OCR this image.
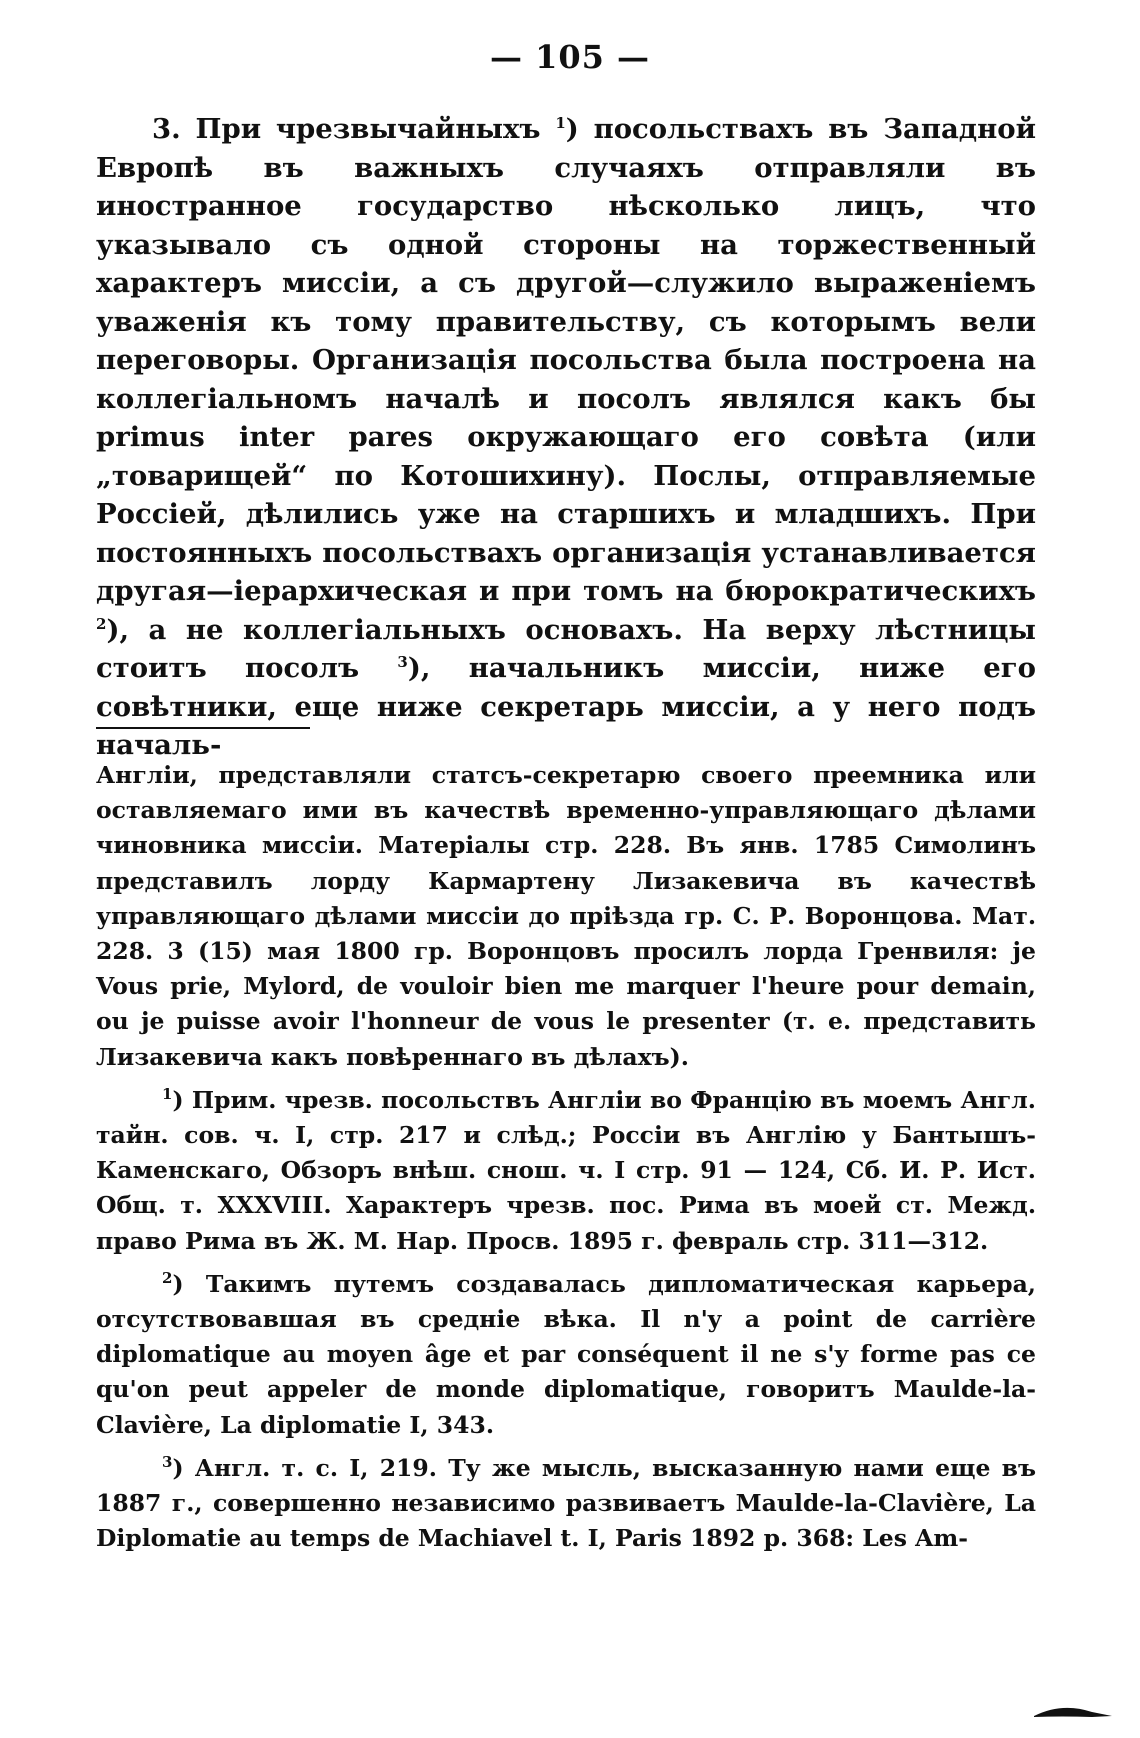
— 105 —

3. При чрезвычайныхъ $^1$) посольствахъ въ Западной Европѣ въ важныхъ случаяхъ отправляли въ иностранное государство нѣсколько лицъ, что указывало съ одной стороны на торжественный характеръ миссіи, а съ другой—служило выраженіемъ уваженія къ тому правительству, съ которымъ вели переговоры. Организація посольства была построена на коллегіальномъ началѣ и посолъ являлся какъ бы primus inter pares окружающаго его совѣта (или „товарищей“ по Котошихину). Послы, отправляемые Россіей, дѣлились уже на старшихъ и младшихъ. При постоянныхъ посольствахъ организація устанавливается другая—іерархическая и при томъ на бюрократическихъ $^2$), а не коллегіальныхъ основахъ. На верху лѣстницы стоитъ посолъ $^3$), начальникъ миссіи, ниже его совѣтники, еще ниже секретарь миссіи, а у него подъ началь-

Англіи, представляли статсъ-секретарю своего преемника или оставляемаго ими въ качествѣ временно-управляющаго дѣлами чиновника миссіи. Матеріалы стр. 228. Въ янв. 1785 Симолинъ представилъ лорду Кармартену Лизакевича въ качествѣ управляющаго дѣлами миссіи до пріѣзда гр. С. Р. Воронцова. Мат. 228. 3 (15) мая 1800 гр. Воронцовъ просилъ лорда Гренвиля: je Vous prie, Mylord, de vouloir bien me marquer l'heure pour demain, ou je puisse avoir l'honneur de vous le presenter (т. е. представить Лизакевича какъ повѣреннаго въ дѣлахъ).

$^1$) Прим. чрезв. посольствъ Англіи во Францію въ моемъ Англ. тайн. сов. ч. I, стр. 217 и слѣд.; Россіи въ Англію у Бантышъ-Каменскаго, Обзоръ внѣш. снош. ч. I стр. 91 — 124, Сб. И. Р. Ист. Общ. т. XXXVIII. Характеръ чрезв. пос. Рима въ моей ст. Межд. право Рима въ Ж. М. Нар. Просв. 1895 г. февраль стр. 311—312.

$^2$) Такимъ путемъ создавалась дипломатическая карьера, отсутствовавшая въ средніе вѣка. Il n'y a point de carrière diplomatique au moyen âge et par conséquent il ne s'y forme pas ce qu'on peut appeler de monde diplomatique, говоритъ Maulde-la-Clavière, La diplomatie I, 343.

$^3$) Англ. т. с. I, 219. Ту же мысль, высказанную нами еще въ 1887 г., совершенно независимо развиваетъ Maulde-la-Clavière, La Diplomatie au temps de Machiavel t. I, Paris 1892 p. 368: Les Am-
